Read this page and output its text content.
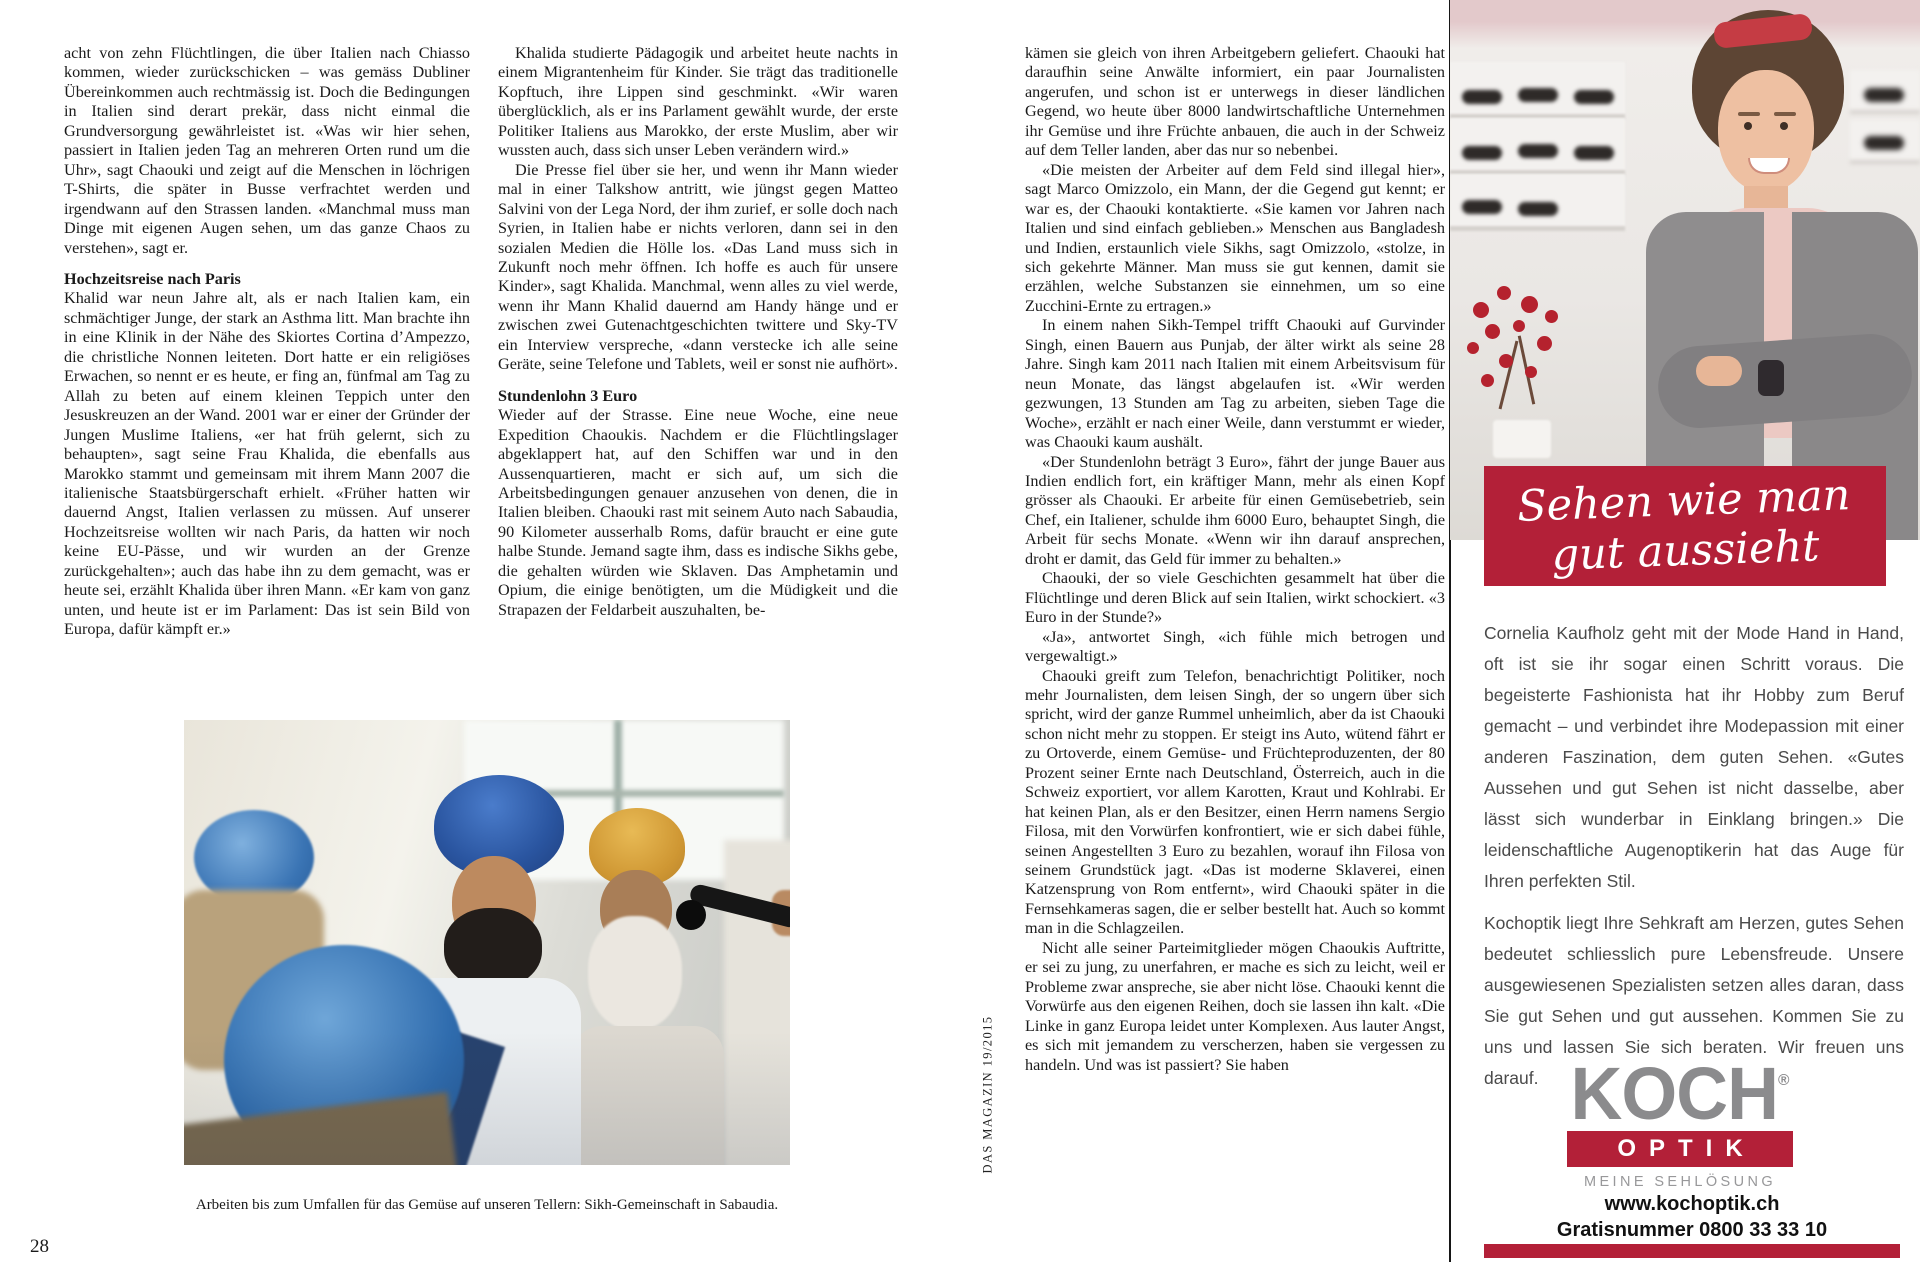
acht von zehn Flüchtlingen, die über Italien nach Chiasso kommen, wieder zurückschicken – was gemäss Dubliner Übereinkommen auch rechtmässig ist. Doch die Bedingungen in Italien sind derart prekär, dass nicht einmal die Grundversorgung gewährleistet ist. «Was wir hier sehen, passiert in Italien jeden Tag an mehreren Orten rund um die Uhr», sagt Chaouki und zeigt auf die Menschen in löchrigen T-Shirts, die später in Busse verfrachtet werden und irgendwann auf den Strassen landen. «Manchmal muss man Dinge mit eigenen Augen sehen, um das ganze Chaos zu verstehen», sagt er.
Hochzeitsreise nach Paris
Khalid war neun Jahre alt, als er nach Italien kam, ein schmächtiger Junge, der stark an Asthma litt. Man brachte ihn in eine Klinik in der Nähe des Skiortes Cortina d’Ampezzo, die christliche Nonnen leiteten. Dort hatte er ein religiöses Erwachen, so nennt er es heute, er fing an, fünfmal am Tag zu Allah zu beten auf einem kleinen Teppich unter den Jesuskreuzen an der Wand. 2001 war er einer der Gründer der Jungen Muslime Italiens, «er hat früh gelernt, sich zu behaupten», sagt seine Frau Khalida, die ebenfalls aus Marokko stammt und gemeinsam mit ihrem Mann 2007 die italienische Staatsbürgerschaft erhielt. «Früher hatten wir dauernd Angst, Italien verlassen zu müssen. Auf unserer Hochzeitsreise wollten wir nach Paris, da hatten wir noch keine EU-Pässe, und wir wurden an der Grenze zurückgehalten»; auch das habe ihn zu dem gemacht, was er heute sei, erzählt Khalida über ihren Mann. «Er kam von ganz unten, und heute ist er im Parlament: Das ist sein Bild von Europa, dafür kämpft er.»
Khalida studierte Pädagogik und arbeitet heute nachts in einem Migrantenheim für Kinder. Sie trägt das traditionelle Kopftuch, ihre Lippen sind geschminkt. «Wir waren überglücklich, als er ins Parlament gewählt wurde, der erste Politiker Italiens aus Marokko, der erste Muslim, aber wir wussten auch, dass sich unser Leben verändern wird.»
Die Presse fiel über sie her, und wenn ihr Mann wieder mal in einer Talkshow antritt, wie jüngst gegen Matteo Salvini von der Lega Nord, der ihm zurief, er solle doch nach Syrien, in Italien habe er nichts verloren, dann sei in den sozialen Medien die Hölle los. «Das Land muss sich in Zukunft noch mehr öffnen. Ich hoffe es auch für unsere Kinder», sagt Khalida. Manchmal, wenn alles zu viel werde, wenn ihr Mann Khalid dauernd am Handy hänge und er zwischen zwei Gutenachtgeschichten twittere und Sky-TV ein Interview verspreche, «dann verstecke ich alle seine Geräte, seine Telefone und Tablets, weil er sonst nie aufhört».
Stundenlohn 3 Euro
Wieder auf der Strasse. Eine neue Woche, eine neue Expedition Chaoukis. Nachdem er die Flüchtlingslager abgeklappert hat, auf den Schiffen war und in den Aussenquartieren, macht er sich auf, um sich die Arbeitsbedingungen genauer anzusehen von denen, die in Italien bleiben. Chaouki rast mit seinem Auto nach Sabaudia, 90 Kilometer ausserhalb Roms, dafür braucht er eine gute halbe Stunde. Jemand sagte ihm, dass es indische Sikhs gebe, die gehalten würden wie Sklaven. Das Amphetamin und Opium, die einige benötigten, um die Müdigkeit und die Strapazen der Feldarbeit auszuhalten, be-
kämen sie gleich von ihren Arbeitgebern geliefert. Chaouki hat daraufhin seine Anwälte informiert, ein paar Journalisten angerufen, und schon ist er unterwegs in dieser ländlichen Gegend, wo heute über 8000 landwirtschaftliche Unternehmen ihr Gemüse und ihre Früchte anbauen, die auch in der Schweiz auf dem Teller landen, aber das nur so nebenbei.
«Die meisten der Arbeiter auf dem Feld sind illegal hier», sagt Marco Omizzolo, ein Mann, der die Gegend gut kennt; er war es, der Chaouki kontaktierte. «Sie kamen vor Jahren nach Italien und sind einfach geblieben.» Menschen aus Bangladesh und Indien, erstaunlich viele Sikhs, sagt Omizzolo, «stolze, in sich gekehrte Männer. Man muss sie gut kennen, damit sie erzählen, welche Substanzen sie einnehmen, um so eine Zucchini-Ernte zu ertragen.»
In einem nahen Sikh-Tempel trifft Chaouki auf Gurvinder Singh, einen Bauern aus Punjab, der älter wirkt als seine 28 Jahre. Singh kam 2011 nach Italien mit einem Arbeitsvisum für neun Monate, das längst abgelaufen ist. «Wir werden gezwungen, 13 Stunden am Tag zu arbeiten, sieben Tage die Woche», erzählt er nach einer Weile, dann verstummt er wieder, was Chaouki kaum aushält.
«Der Stundenlohn beträgt 3 Euro», fährt der junge Bauer aus Indien endlich fort, ein kräftiger Mann, mehr als einen Kopf grösser als Chaouki. Er arbeite für einen Gemüsebetrieb, sein Chef, ein Italiener, schulde ihm 6000 Euro, behauptet Singh, die Arbeit für sechs Monate. «Wenn wir ihn darauf ansprechen, droht er damit, das Geld für immer zu behalten.»
Chaouki, der so viele Geschichten gesammelt hat über die Flüchtlinge und deren Blick auf sein Italien, wirkt schockiert. «3 Euro in der Stunde?»
«Ja», antwortet Singh, «ich fühle mich betrogen und vergewaltigt.»
Chaouki greift zum Telefon, benachrichtigt Politiker, noch mehr Journalisten, dem leisen Singh, der so ungern über sich spricht, wird der ganze Rummel unheimlich, aber da ist Chaouki schon nicht mehr zu stoppen. Er steigt ins Auto, wütend fährt er zu Ortoverde, einem Gemüse- und Früchteproduzenten, der 80 Prozent seiner Ernte nach Deutschland, Österreich, auch in die Schweiz exportiert, vor allem Karotten, Kraut und Kohlrabi. Er hat keinen Plan, als er den Besitzer, einen Herrn namens Sergio Filosa, mit den Vorwürfen konfrontiert, wie er sich dabei fühle, seinen Angestellten 3 Euro zu bezahlen, worauf ihn Filosa von seinem Grundstück jagt. «Das ist moderne Sklaverei, einen Katzensprung von Rom entfernt», wird Chaouki später in die Fernsehkameras sagen, die er selber bestellt hat. Auch so kommt man in die Schlagzeilen.
Nicht alle seiner Parteimitglieder mögen Chaoukis Auftritte, er sei zu jung, zu unerfahren, er mache es sich zu leicht, weil er Probleme zwar anspreche, sie aber nicht löse. Chaouki kennt die Vorwürfe aus den eigenen Reihen, doch sie lassen ihn kalt. «Die Linke in ganz Europa leidet unter Komplexen. Aus lauter Angst, es sich mit jemandem zu verscherzen, haben sie vergessen zu handeln. Und was ist passiert? Sie haben
Arbeiten bis zum Umfallen für das Gemüse auf unseren Tellern: Sikh-Gemeinschaft in Sabaudia.
DAS MAGAZIN 19/2015
28
Sehen wie man
gut aussieht
Cornelia Kaufholz geht mit der Mode Hand in Hand, oft ist sie ihr sogar einen Schritt voraus. Die begeisterte Fashionista hat ihr Hobby zum Beruf gemacht – und verbindet ihre Modepassion mit einer anderen Faszination, dem guten Sehen. «Gutes Aussehen und gut Sehen ist nicht dasselbe, aber lässt sich wunderbar in Einklang bringen.» Die leidenschaftliche Augenoptikerin hat das Auge für Ihren perfekten Stil.
Kochoptik liegt Ihre Sehkraft am Herzen, gutes Sehen bedeutet schliesslich pure Lebensfreude. Unsere ausgewiesenen Spezialisten setzen alles daran, dass Sie gut Sehen und gut aussehen. Kommen Sie zu uns und lassen Sie sich beraten. Wir freuen uns darauf. KOCH®
OPTIK
MEINE SEHLÖSUNG
www.kochoptik.ch
Gratisnummer 0800 33 33 10
